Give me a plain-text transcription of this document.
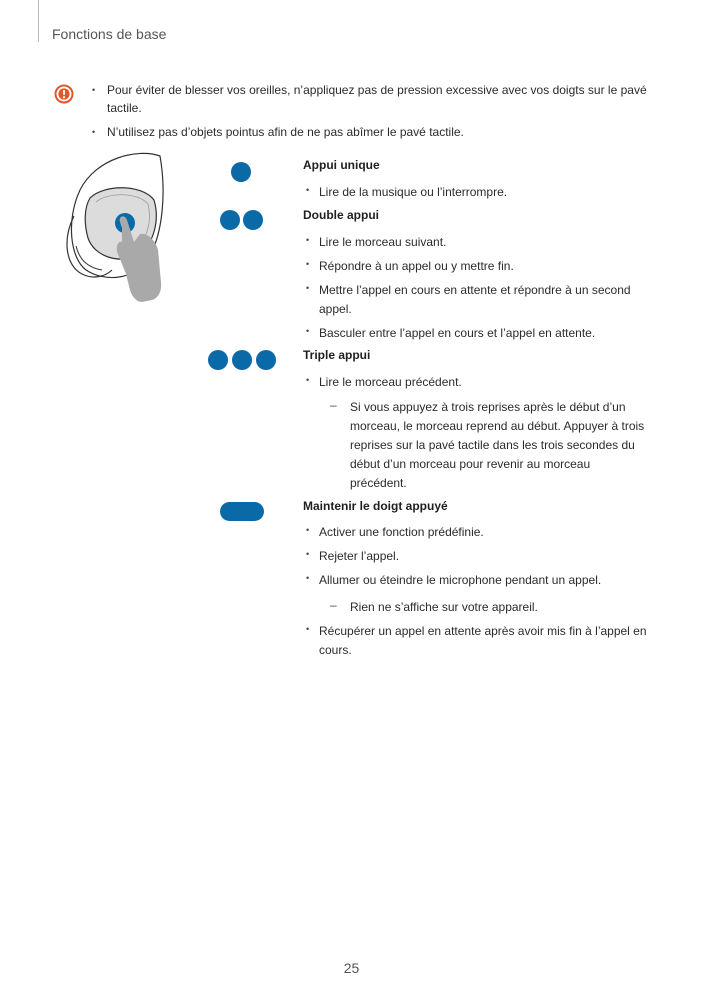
Fonctions de base
• Pour éviter de blesser vos oreilles, n’appliquez pas de pression excessive avec vos doigts sur le pavé tactile.
• N’utilisez pas d’objets pointus afin de ne pas abîmer le pavé tactile.
Appui unique
• Lire de la musique ou l’interrompre.
Double appui
• Lire le morceau suivant.
• Répondre à un appel ou y mettre fin.
• Mettre l’appel en cours en attente et répondre à un second appel.
• Basculer entre l’appel en cours et l’appel en attente.
Triple appui
• Lire le morceau précédent.
– Si vous appuyez à trois reprises après le début d’un morceau, le morceau reprend au début. Appuyer à trois reprises sur la pavé tactile dans les trois secondes du début d’un morceau pour revenir au morceau précédent.
Maintenir le doigt appuyé
• Activer une fonction prédéfinie.
• Rejeter l’appel.
• Allumer ou éteindre le microphone pendant un appel.
– Rien ne s’affiche sur votre appareil.
• Récupérer un appel en attente après avoir mis fin à l’appel en cours.
25
